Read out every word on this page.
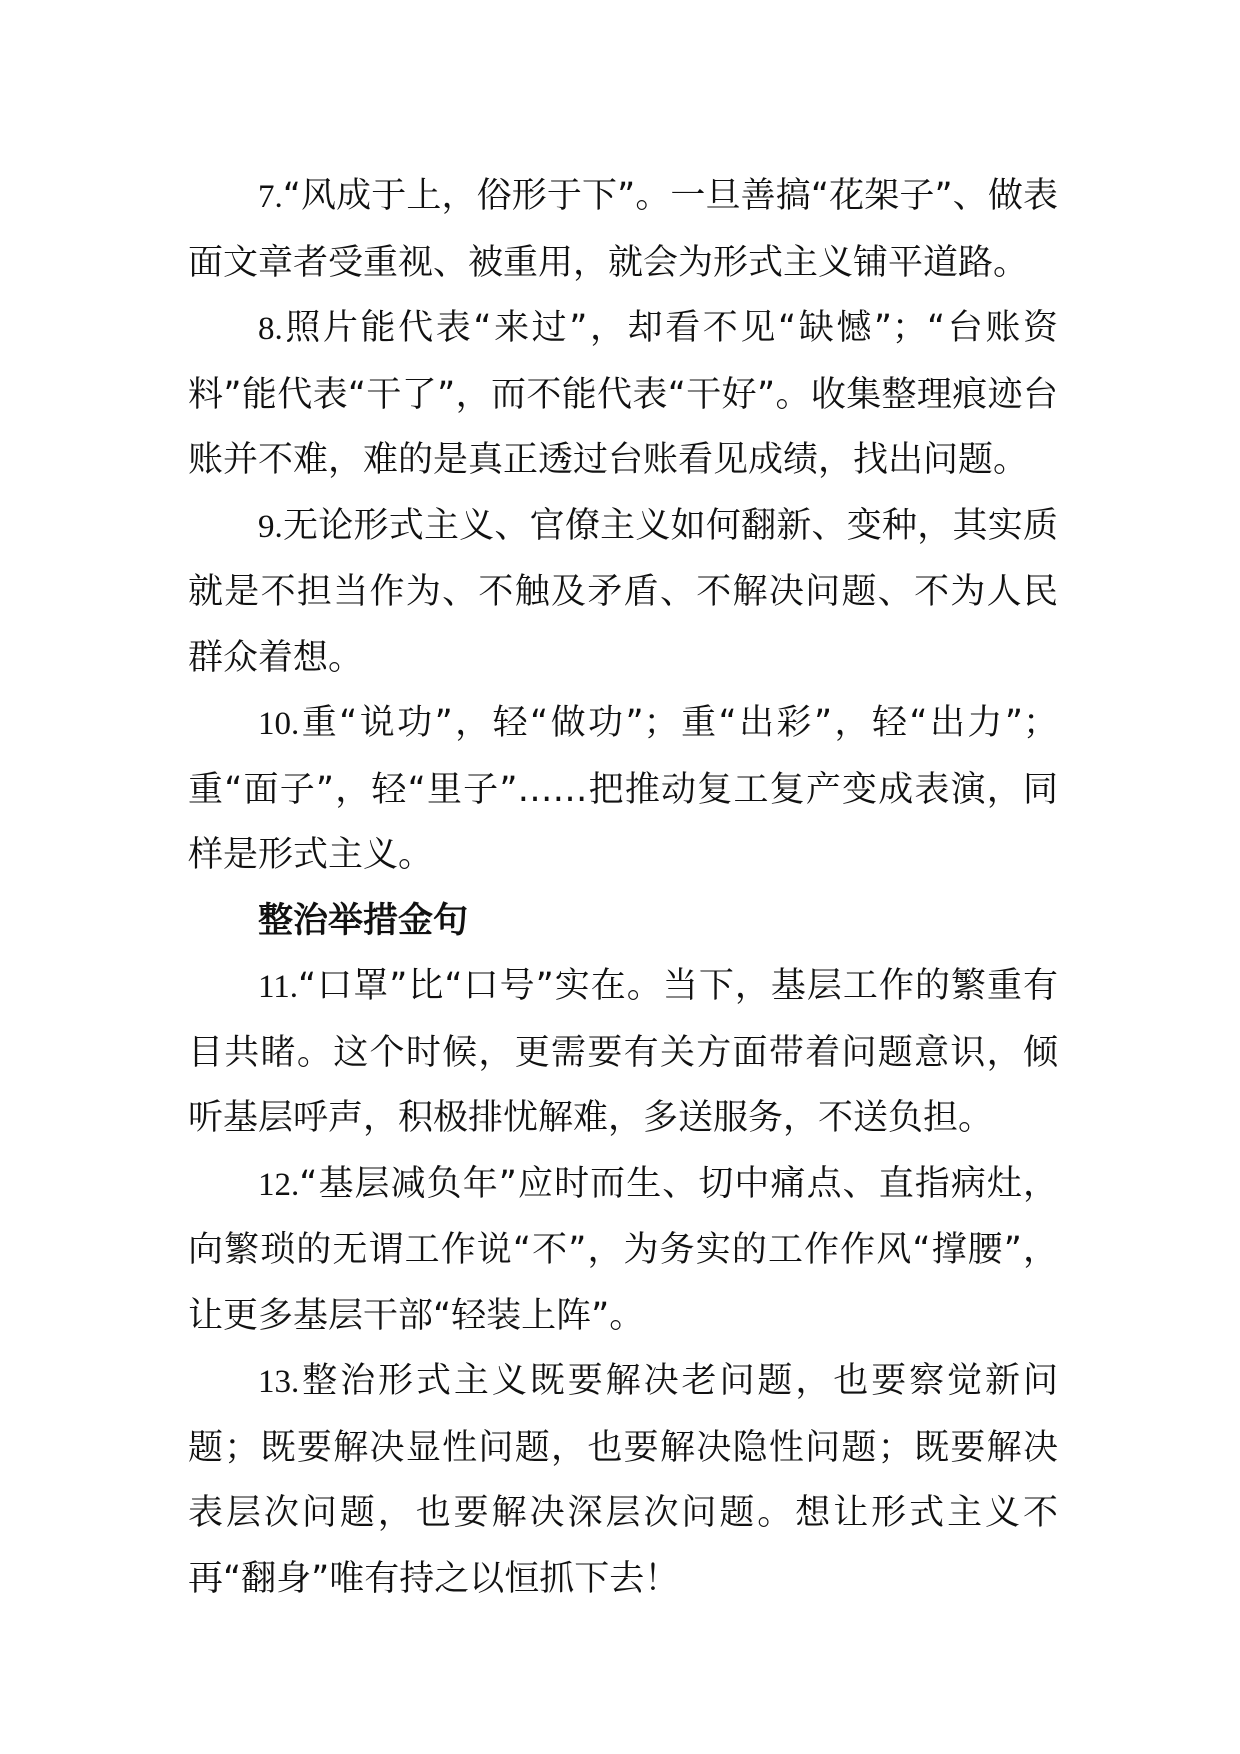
7.“风成于上，俗形于下”。一旦善搞“花架子”、做表面文章者受重视、被重用，就会为形式主义铺平道路。

8.照片能代表“来过”，却看不见“缺憾”；“台账资料”能代表“干了”，而不能代表“干好”。收集整理痕迹台账并不难，难的是真正透过台账看见成绩，找出问题。

9.无论形式主义、官僚主义如何翻新、变种，其实质就是不担当作为、不触及矛盾、不解决问题、不为人民群众着想。

10.重“说功”，轻“做功”；重“出彩”，轻“出力”；重“面子”，轻“里子”……把推动复工复产变成表演，同样是形式主义。

整治举措金句

11.“口罩”比“口号”实在。当下，基层工作的繁重有目共睹。这个时候，更需要有关方面带着问题意识，倾听基层呼声，积极排忧解难，多送服务，不送负担。

12.“基层减负年”应时而生、切中痛点、直指病灶，向繁琐的无谓工作说“不”，为务实的工作作风“撑腰”，让更多基层干部“轻装上阵”。

13.整治形式主义既要解决老问题，也要察觉新问题；既要解决显性问题，也要解决隐性问题；既要解决表层次问题，也要解决深层次问题。想让形式主义不再“翻身”唯有持之以恒抓下去！
